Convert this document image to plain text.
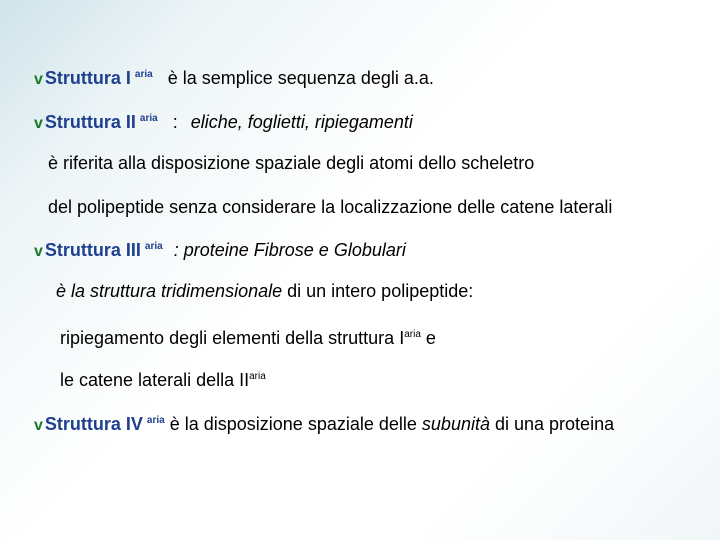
v Struttura I $^{aria}$ è la semplice sequenza degli a.a.
v Struttura II $^{aria}$ : eliche, foglietti, ripiegamenti
è riferita alla disposizione spaziale degli atomi dello scheletro
del polipeptide senza considerare la localizzazione delle catene laterali
v Struttura III $^{aria}$ : proteine Fibrose e Globulari
è la struttura tridimensionale di un intero polipeptide:
ripiegamento degli elementi della struttura $I^{aria}$ e
le catene laterali della $II^{aria}$
v Struttura IV $^{aria}$ è la disposizione spaziale delle subunità di una proteina
